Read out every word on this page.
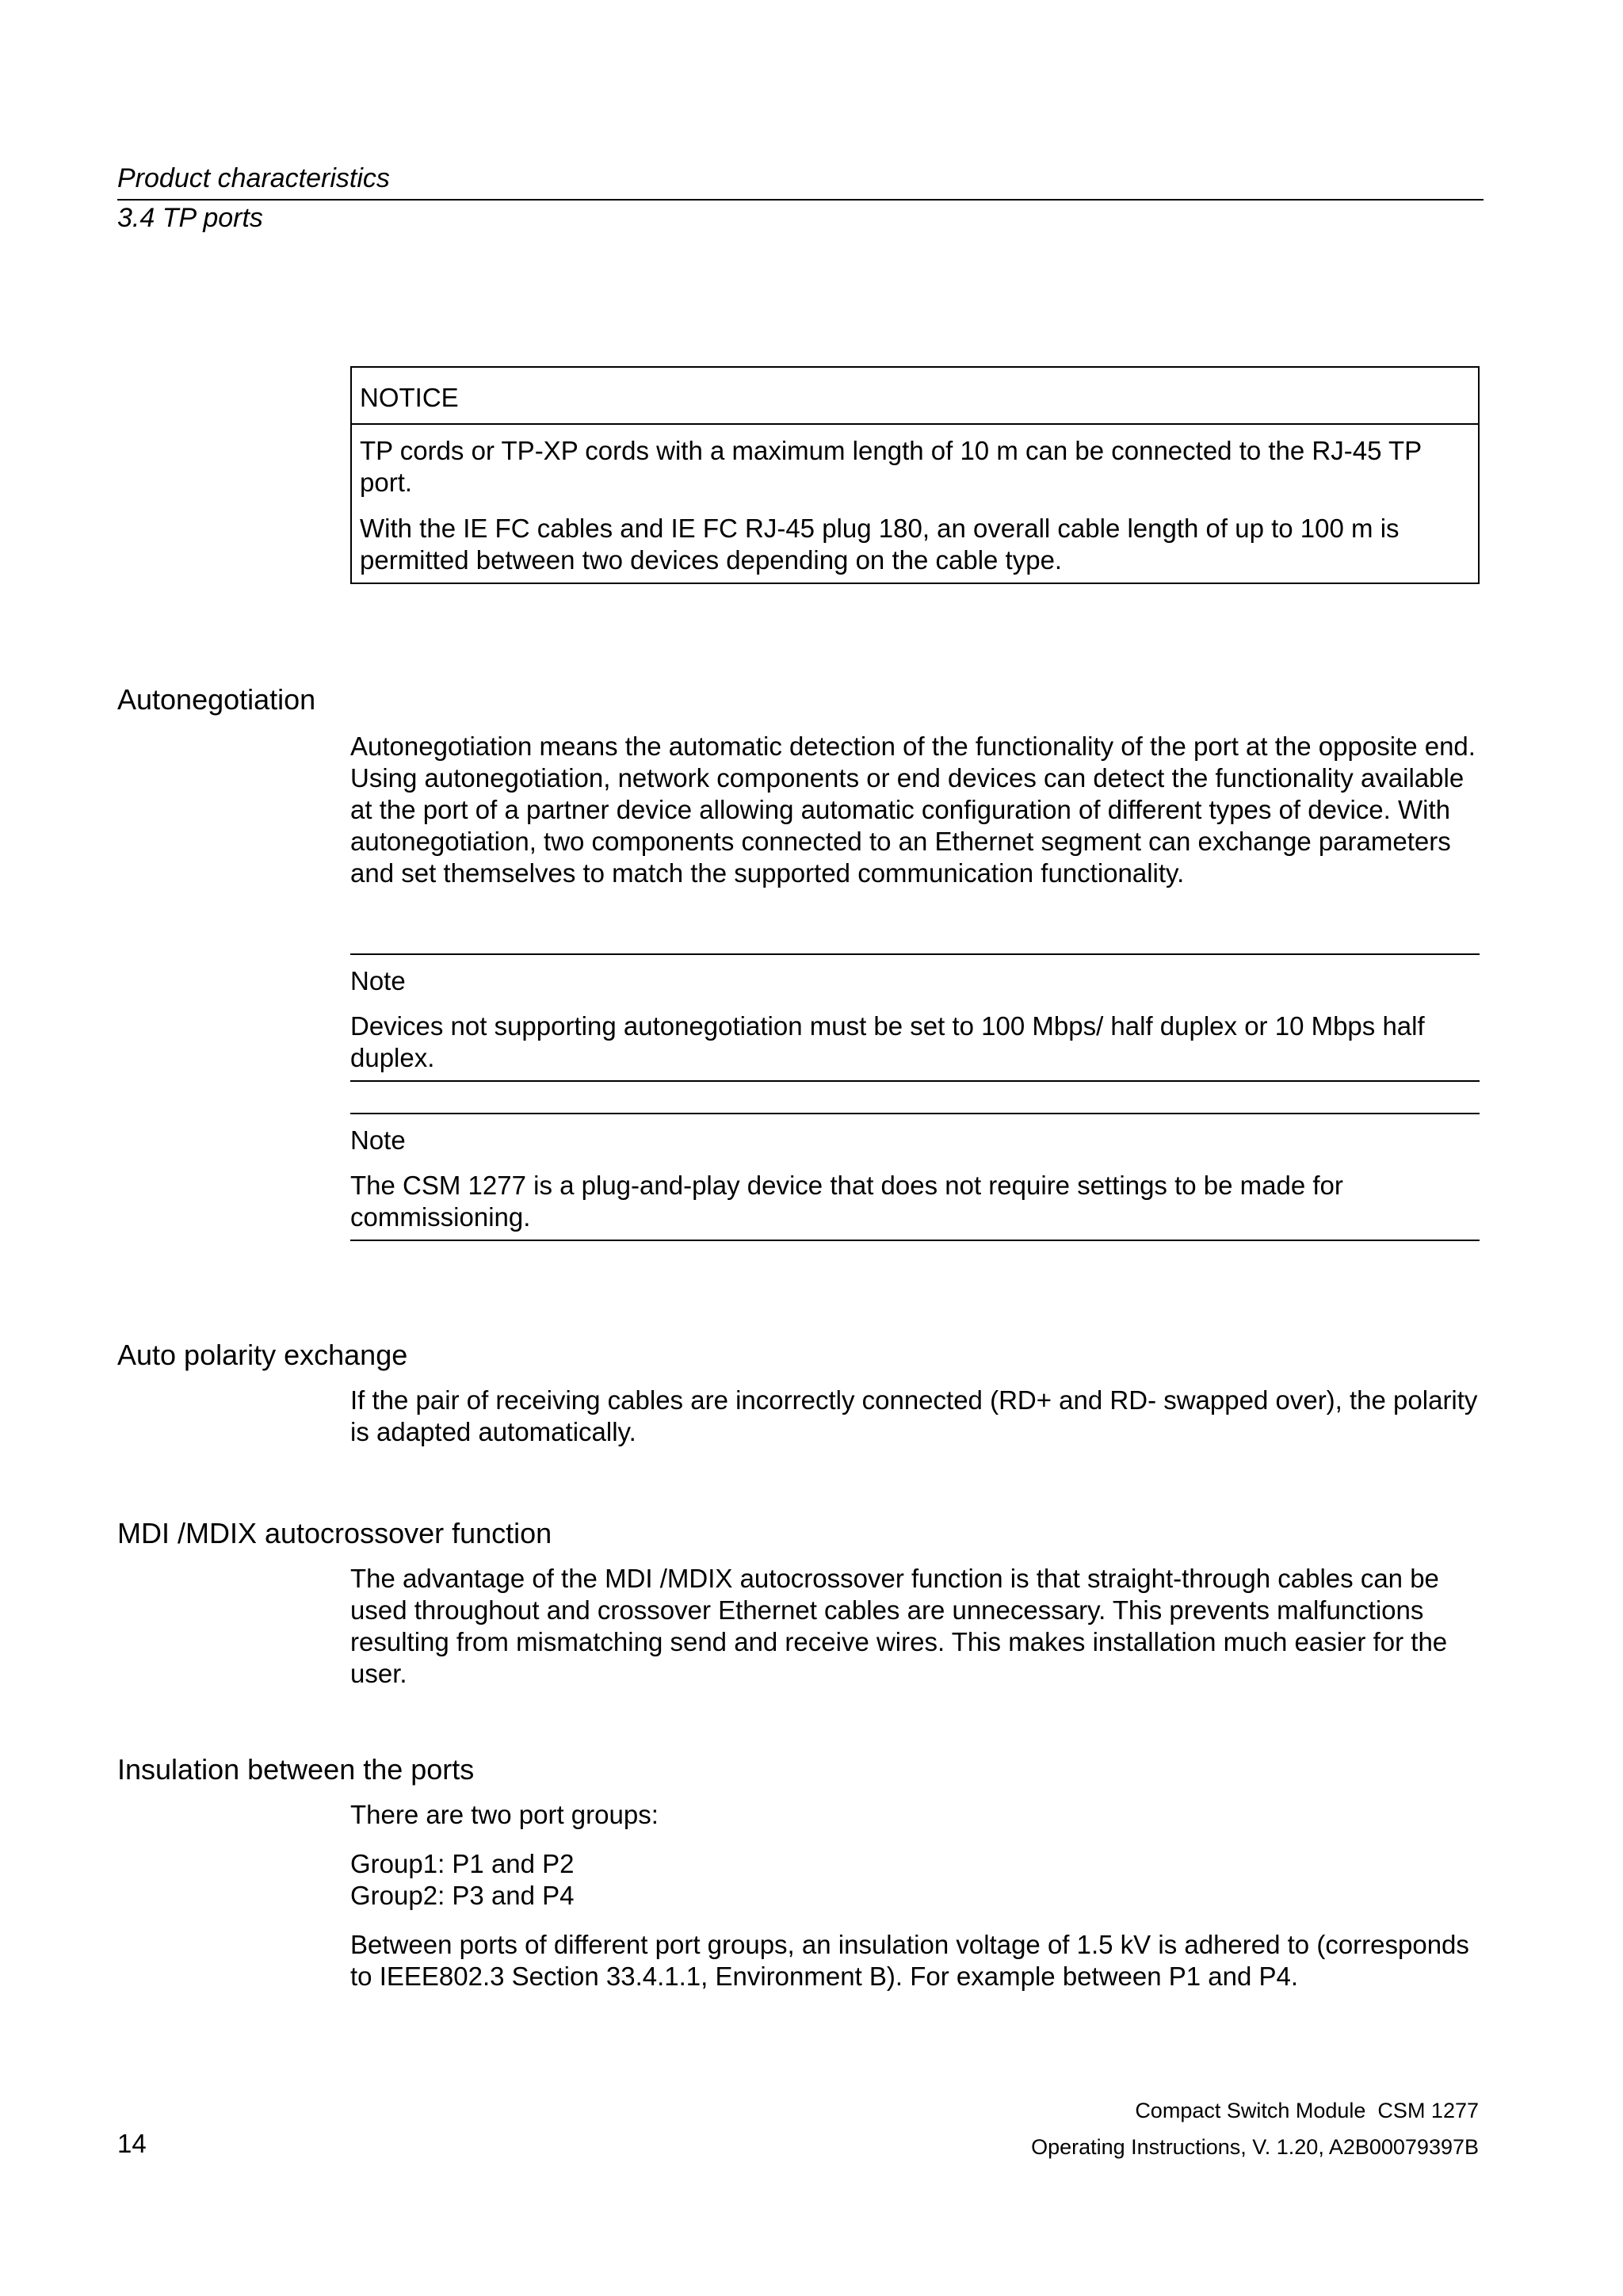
Product characteristics
3.4 TP ports
NOTICE
TP cords or TP-XP cords with a maximum length of 10 m can be connected to the RJ-45 TP port.
With the IE FC cables and IE FC RJ-45 plug 180, an overall cable length of up to 100 m is permitted between two devices depending on the cable type.
Autonegotiation
Autonegotiation means the automatic detection of the functionality of the port at the opposite end. Using autonegotiation, network components or end devices can detect the functionality available at the port of a partner device allowing automatic configuration of different types of device. With autonegotiation, two components connected to an Ethernet segment can exchange parameters and set themselves to match the supported communication functionality.
Note
Devices not supporting autonegotiation must be set to 100 Mbps/ half duplex or 10 Mbps half duplex.
Note
The CSM 1277 is a plug-and-play device that does not require settings to be made for commissioning.
Auto polarity exchange
If the pair of receiving cables are incorrectly connected (RD+ and RD- swapped over), the polarity is adapted automatically.
MDI /MDIX autocrossover function
The advantage of the MDI /MDIX autocrossover function is that straight-through cables can be used throughout and crossover Ethernet cables are unnecessary. This prevents malfunctions resulting from mismatching send and receive wires. This makes installation much easier for the user.
Insulation between the ports
There are two port groups:
Group1: P1 and P2
Group2: P3 and P4
Between ports of different port groups, an insulation voltage of 1.5 kV is adhered to (corresponds to IEEE802.3 Section 33.4.1.1, Environment B). For example between P1 and P4.
14
Compact Switch Module  CSM 1277
Operating Instructions, V. 1.20, A2B00079397B
